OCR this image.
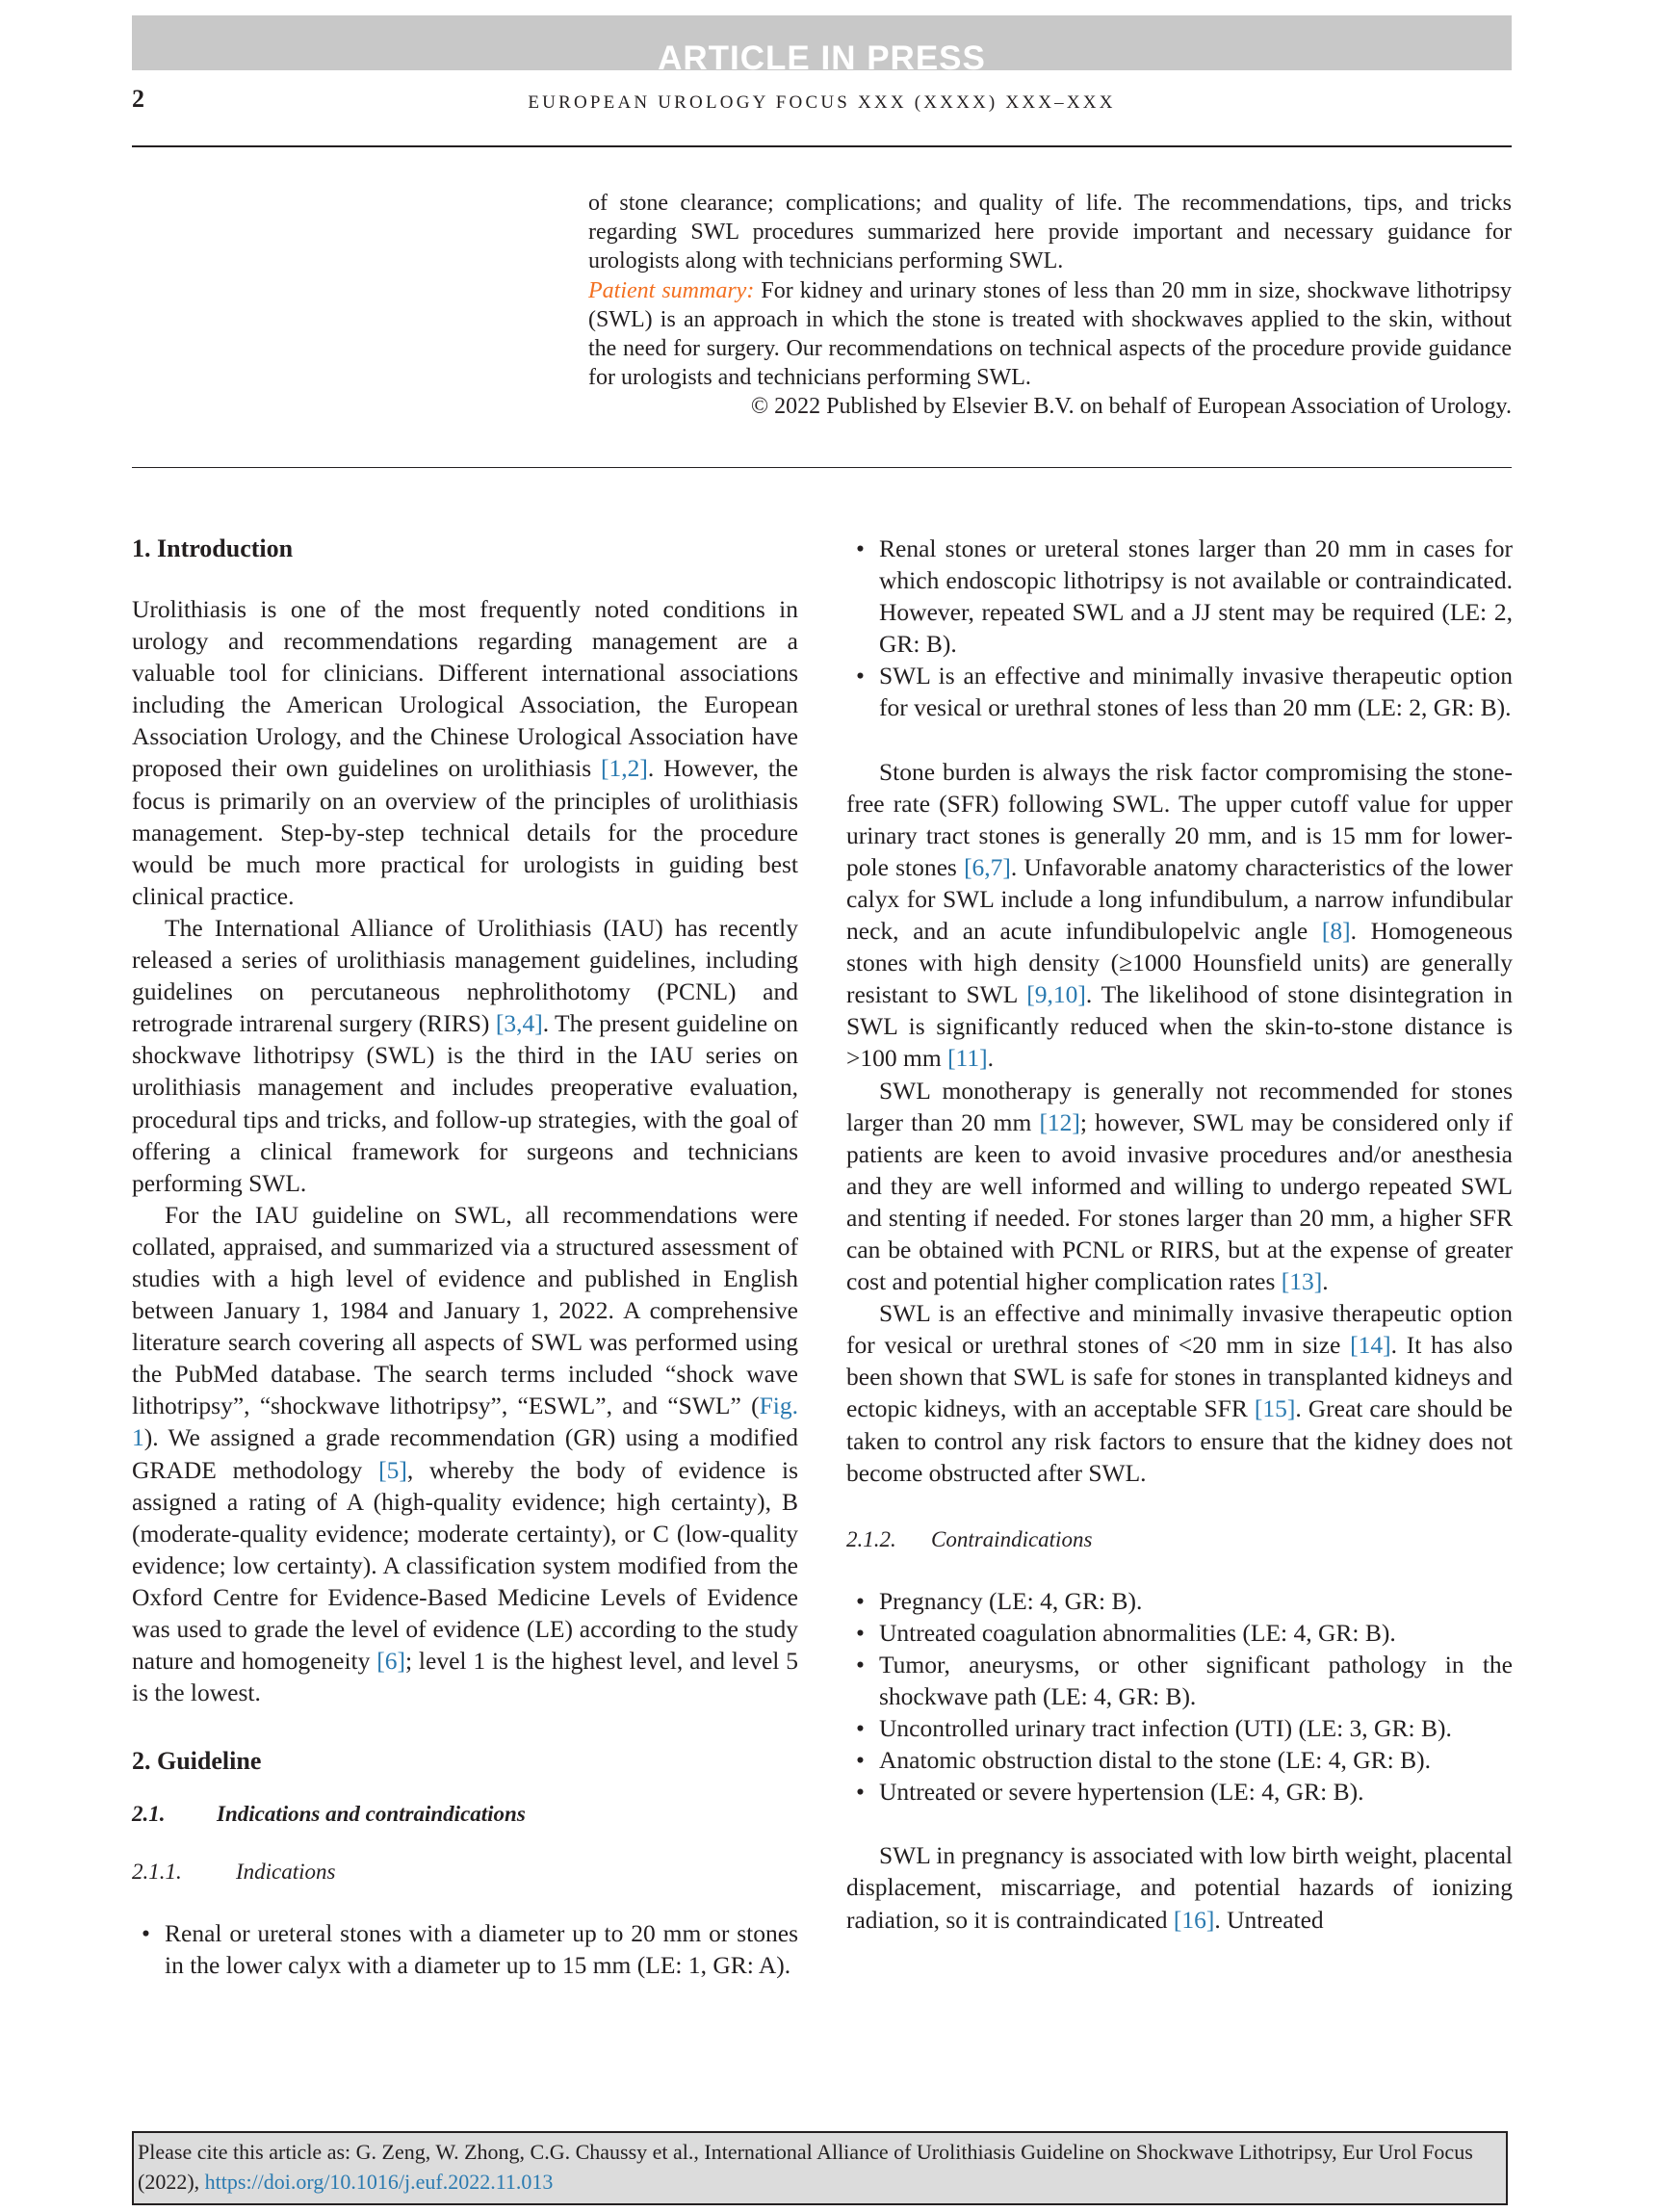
ARTICLE IN PRESS
2	EUROPEAN UROLOGY FOCUS XXX (XXXX) XXX–XXX

of stone clearance; complications; and quality of life. The recommendations, tips, and tricks regarding SWL procedures summarized here provide important and necessary guidance for urologists along with technicians performing SWL.

Patient summary: For kidney and urinary stones of less than 20 mm in size, shockwave lithotripsy (SWL) is an approach in which the stone is treated with shockwaves applied to the skin, without the need for surgery. Our recommendations on technical aspects of the procedure provide guidance for urologists and technicians performing SWL.

© 2022 Published by Elsevier B.V. on behalf of European Association of Urology.

1. Introduction

Urolithiasis is one of the most frequently noted conditions in urology and recommendations regarding management are a valuable tool for clinicians. Different international associations including the American Urological Association, the European Association Urology, and the Chinese Urological Association have proposed their own guidelines on urolithiasis [1,2]. However, the focus is primarily on an overview of the principles of urolithiasis management. Step-by-step technical details for the procedure would be much more practical for urologists in guiding best clinical practice.

The International Alliance of Urolithiasis (IAU) has recently released a series of urolithiasis management guidelines, including guidelines on percutaneous nephrolithotomy (PCNL) and retrograde intrarenal surgery (RIRS) [3,4]. The present guideline on shockwave lithotripsy (SWL) is the third in the IAU series on urolithiasis management and includes preoperative evaluation, procedural tips and tricks, and follow-up strategies, with the goal of offering a clinical framework for surgeons and technicians performing SWL.

For the IAU guideline on SWL, all recommendations were collated, appraised, and summarized via a structured assessment of studies with a high level of evidence and published in English between January 1, 1984 and January 1, 2022. A comprehensive literature search covering all aspects of SWL was performed using the PubMed database. The search terms included “shock wave lithotripsy”, “shockwave lithotripsy”, “ESWL”, and “SWL” (Fig. 1). We assigned a grade recommendation (GR) using a modified GRADE methodology [5], whereby the body of evidence is assigned a rating of A (high-quality evidence; high certainty), B (moderate-quality evidence; moderate certainty), or C (low-quality evidence; low certainty). A classification system modified from the Oxford Centre for Evidence-Based Medicine Levels of Evidence was used to grade the level of evidence (LE) according to the study nature and homogeneity [6]; level 1 is the highest level, and level 5 is the lowest.

2. Guideline
2.1. Indications and contraindications
2.1.1. Indications
• Renal or ureteral stones with a diameter up to 20 mm or stones in the lower calyx with a diameter up to 15 mm (LE: 1, GR: A).
• Renal stones or ureteral stones larger than 20 mm in cases for which endoscopic lithotripsy is not available or contraindicated. However, repeated SWL and a JJ stent may be required (LE: 2, GR: B).
• SWL is an effective and minimally invasive therapeutic option for vesical or urethral stones of less than 20 mm (LE: 2, GR: B).

Stone burden is always the risk factor compromising the stone-free rate (SFR) following SWL. The upper cutoff value for upper urinary tract stones is generally 20 mm, and is 15 mm for lower-pole stones [6,7]. Unfavorable anatomy characteristics of the lower calyx for SWL include a long infundibulum, a narrow infundibular neck, and an acute infundibulopelvic angle [8]. Homogeneous stones with high density (≥1000 Hounsfield units) are generally resistant to SWL [9,10]. The likelihood of stone disintegration in SWL is significantly reduced when the skin-to-stone distance is >100 mm [11].

SWL monotherapy is generally not recommended for stones larger than 20 mm [12]; however, SWL may be considered only if patients are keen to avoid invasive procedures and/or anesthesia and they are well informed and willing to undergo repeated SWL and stenting if needed. For stones larger than 20 mm, a higher SFR can be obtained with PCNL or RIRS, but at the expense of greater cost and potential higher complication rates [13].

SWL is an effective and minimally invasive therapeutic option for vesical or urethral stones of <20 mm in size [14]. It has also been shown that SWL is safe for stones in transplanted kidneys and ectopic kidneys, with an acceptable SFR [15]. Great care should be taken to control any risk factors to ensure that the kidney does not become obstructed after SWL.

2.1.2. Contraindications
• Pregnancy (LE: 4, GR: B).
• Untreated coagulation abnormalities (LE: 4, GR: B).
• Tumor, aneurysms, or other significant pathology in the shockwave path (LE: 4, GR: B).
• Uncontrolled urinary tract infection (UTI) (LE: 3, GR: B).
• Anatomic obstruction distal to the stone (LE: 4, GR: B).
• Untreated or severe hypertension (LE: 4, GR: B).

SWL in pregnancy is associated with low birth weight, placental displacement, miscarriage, and potential hazards of ionizing radiation, so it is contraindicated [16]. Untreated

Please cite this article as: G. Zeng, W. Zhong, C.G. Chaussy et al., International Alliance of Urolithiasis Guideline on Shockwave Lithotripsy, Eur Urol Focus (2022), https://doi.org/10.1016/j.euf.2022.11.013
